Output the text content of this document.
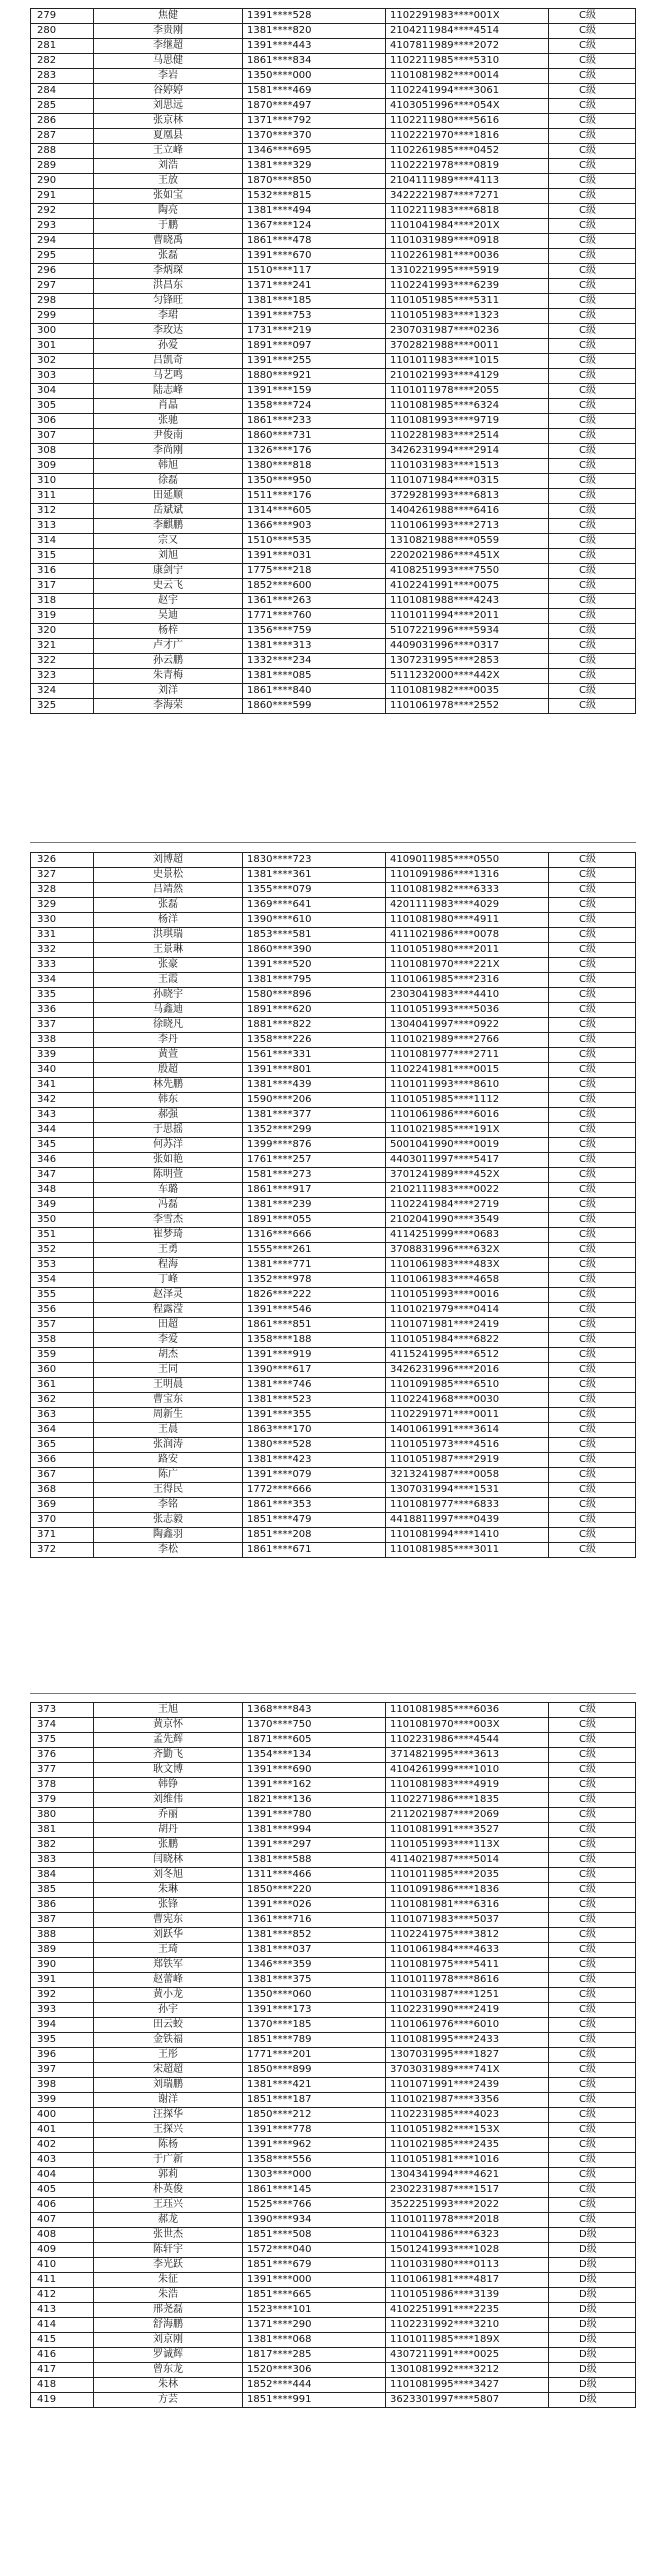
279	焦健	1391****528	1102291983****001X	C级
280	李贵刚	1381****820	2104211984****4514	C级
281	李继超	1391****443	4107811989****2072	C级
282	马思健	1861****834	1102211985****5310	C级
283	李岩	1350****000	1101081982****0014	C级
284	谷婷婷	1581****469	1102241994****3061	C级
285	刘思远	1870****497	4103051996****054X	C级
286	张京林	1371****792	1102211980****5616	C级
287	夏凰县	1370****370	1102221970****1816	C级
288	王立峰	1346****695	1102261985****0452	C级
289	刘浩	1381****329	1102221978****0819	C级
290	王放	1870****850	2104111989****4113	C级
291	张如宝	1532****815	3422221987****7271	C级
292	陶亮	1381****494	1102211983****6818	C级
293	于鹏	1367****124	1101041984****201X	C级
294	曹晓禹	1861****478	1101031989****0918	C级
295	张磊	1391****670	1102261981****0036	C级
296	李炳琛	1510****117	1310221995****5919	C级
297	洪昌东	1371****241	1102241993****6239	C级
298	匀锋旺	1381****185	1101051985****5311	C级
299	李珺	1391****753	1101051983****1323	C级
300	李玫达	1731****219	2307031987****0236	C级
301	孙爱	1891****097	3702821988****0011	C级
302	吕凯奇	1391****255	1101011983****1015	C级
303	马艺鸣	1880****921	2101021993****4129	C级
304	陆志峰	1391****159	1101011978****2055	C级
305	肖晶	1358****724	1101081985****6324	C级
306	张驰	1861****233	1101081993****9719	C级
307	尹俊南	1860****731	1102281983****2514	C级
308	李尚刚	1326****176	3426231994****2914	C级
309	韩旭	1380****818	1101031983****1513	C级
310	徐磊	1350****950	1101071984****0315	C级
311	田延顺	1511****176	3729281993****6813	C级
312	岳斌斌	1314****605	1404261988****6416	C级
313	李麒鹏	1366****903	1101061993****2713	C级
314	宗又	1510****535	1310821988****0559	C级
315	刘旭	1391****031	2202021986****451X	C级
316	康剑宁	1775****218	4108251993****7550	C级
317	史云飞	1852****600	4102241991****0075	C级
318	赵宇	1361****263	1101081988****4243	C级
319	吴迪	1771****760	1101011994****2011	C级
320	杨梓	1356****759	5107221996****5934	C级
321	卢才广	1381****313	4409031996****0317	C级
322	孙云鹏	1332****234	1307231995****2853	C级
323	朱青梅	1381****085	5111232000****442X	C级
324	刘洋	1861****840	1101081982****0035	C级
325	李海荣	1860****599	1101061978****2552	C级
326	刘博超	1830****723	4109011985****0550	C级
327	史景松	1381****361	1101091986****1316	C级
328	吕靖然	1355****079	1101081982****6333	C级
329	张磊	1369****641	4201111983****4029	C级
330	杨洋	1390****610	1101081980****4911	C级
331	洪琪瑞	1853****581	4111021986****0078	C级
332	王景琳	1860****390	1101051980****2011	C级
333	张豪	1391****520	1101081970****221X	C级
334	王霞	1381****795	1101061985****2316	C级
335	孙晓宇	1580****896	2303041983****4410	C级
336	马鑫迪	1891****620	1101051993****5036	C级
337	徐晓凡	1881****822	1304041997****0922	C级
338	李丹	1358****226	1101021989****2766	C级
339	黄萱	1561****331	1101081977****2711	C级
340	殷超	1391****801	1102241981****0015	C级
341	林先鹏	1381****439	1101011993****8610	C级
342	韩东	1590****206	1101051985****1112	C级
343	郝强	1381****377	1101061986****6016	C级
344	于思摇	1352****299	1101021985****191X	C级
345	何苏洋	1399****876	5001041990****0019	C级
346	张如艳	1761****257	4403011997****5417	C级
347	陈明萱	1581****273	3701241989****452X	C级
348	车璐	1861****917	2102111983****0022	C级
349	冯磊	1381****239	1102241984****2719	C级
350	李雪杰	1891****055	2102041990****3549	C级
351	崔梦琦	1316****666	4114251999****0683	C级
352	王勇	1555****261	3708831996****632X	C级
353	程海	1381****771	1101061983****483X	C级
354	丁峰	1352****978	1101061983****4658	C级
355	赵泽灵	1826****222	1101051993****0016	C级
356	程露滢	1391****546	1101021979****0414	C级
357	田超	1861****851	1101071981****2419	C级
358	李爱	1358****188	1101051984****6822	C级
359	胡杰	1391****919	4115241995****6512	C级
360	王同	1390****617	3426231996****2016	C级
361	王明晨	1381****746	1101091985****6510	C级
362	曹宝东	1381****523	1102241968****0030	C级
363	周新生	1391****355	1102291971****0011	C级
364	王晨	1863****170	1401061991****3614	C级
365	张润涛	1380****528	1101051973****4516	C级
366	路安	1381****423	1101051987****2919	C级
367	陈广	1391****079	3213241987****0058	C级
368	王得民	1772****666	1307031994****1531	C级
369	李铭	1861****353	1101081977****6833	C级
370	张志毅	1851****479	4418811997****0439	C级
371	陶鑫羽	1851****208	1101081994****1410	C级
372	李松	1861****671	1101081985****3011	C级
373	王旭	1368****843	1101081985****6036	C级
374	黄京怀	1370****750	1101081970****003X	C级
375	孟先辉	1871****605	1102231986****4544	C级
376	齐勤飞	1354****134	3714821995****3613	C级
377	耿文博	1391****690	4104261999****1010	C级
378	韩铮	1391****162	1101081983****4919	C级
379	刘维伟	1821****136	1102271986****1835	C级
380	乔丽	1391****780	2112021987****2069	C级
381	胡丹	1381****994	1101081991****3527	C级
382	张鹏	1391****297	1101051993****113X	C级
383	闫晓林	1381****588	4114021987****5014	C级
384	刘冬旭	1311****466	1101011985****2035	C级
385	朱琳	1850****220	1101091986****1836	C级
386	张锋	1391****026	1101081981****6316	C级
387	曹宪东	1361****716	1101071983****5037	C级
388	刘跃华	1381****852	1102241975****3812	C级
389	王琦	1381****037	1101061984****4633	C级
390	郑铁军	1346****359	1101081975****5411	C级
391	赵蕾峰	1381****375	1101011978****8616	C级
392	黄小龙	1350****060	1101031987****1251	C级
393	孙宇	1391****173	1102231990****2419	C级
394	田云蛟	1370****185	1101061976****6010	C级
395	金铁福	1851****789	1101081995****2433	C级
396	王彤	1771****201	1307031995****1827	C级
397	宋超超	1850****899	3703031989****741X	C级
398	刘瑞鹏	1381****421	1101071991****2439	C级
399	谢洋	1851****187	1101021987****3356	C级
400	汪探华	1850****212	1102231985****4023	C级
401	王探兴	1391****778	1101051982****153X	C级
402	陈杨	1391****962	1101021985****2435	C级
403	于广新	1358****556	1101051981****1016	C级
404	郭莉	1303****000	1304341994****4621	C级
405	朴英俊	1861****145	2302231987****1517	C级
406	王珏兴	1525****766	3522251993****2022	C级
407	郝龙	1390****934	1101011978****2018	C级
408	张世杰	1851****508	1101041986****6323	D级
409	陈轩宇	1572****040	1501241993****1028	D级
410	李光跃	1851****679	1101031980****0113	D级
411	朱征	1391****000	1101061981****4817	D级
412	朱浩	1851****665	1101051986****3139	D级
413	邢尧磊	1523****101	4102251991****2235	D级
414	舒海鹏	1371****290	1102231992****3210	D级
415	刘京刚	1381****068	1101011985****189X	D级
416	罗诚辉	1817****285	4307211991****0025	D级
417	曾东龙	1520****306	1301081992****3212	D级
418	朱林	1852****444	1101081995****3427	D级
419	方芸	1851****991	3623301997****5807	D级
